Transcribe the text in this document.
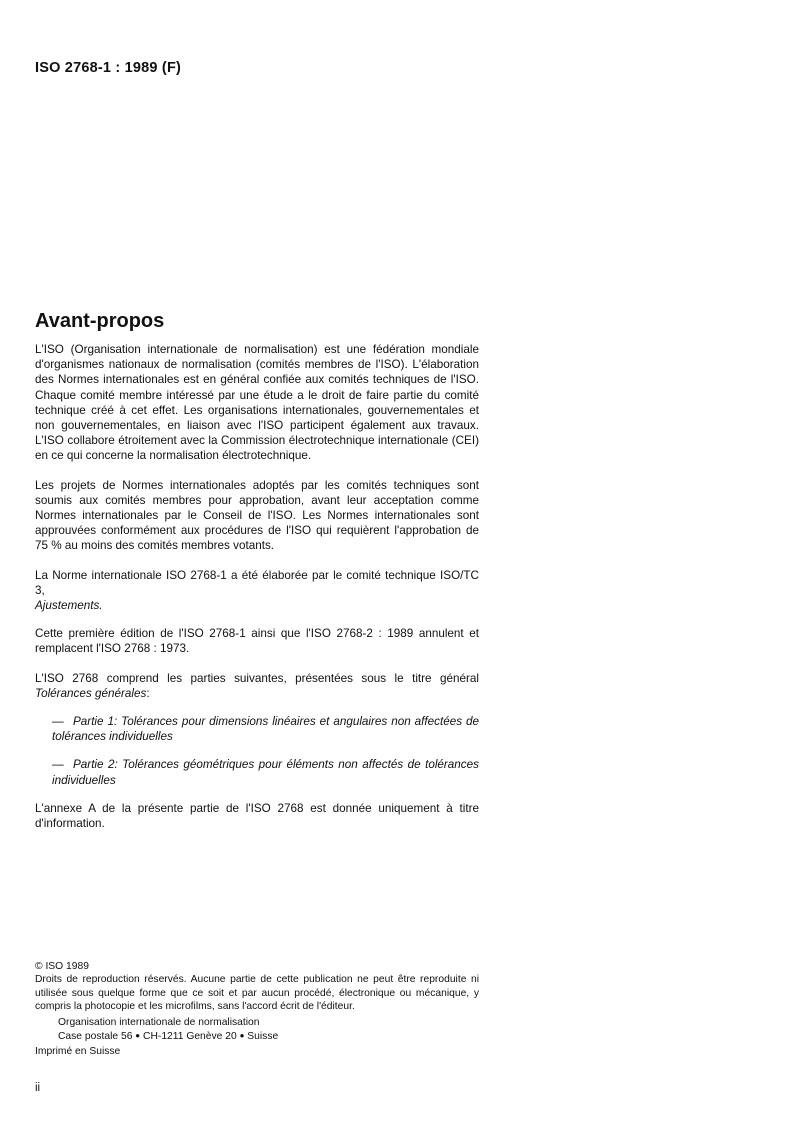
ISO 2768-1 : 1989 (F)
Avant-propos

L'ISO (Organisation internationale de normalisation) est une fédération mondiale d'organismes nationaux de normalisation (comités membres de l'ISO). L'élaboration des Normes internationales est en général confiée aux comités techniques de l'ISO. Chaque comité membre intéressé par une étude a le droit de faire partie du comité technique créé à cet effet. Les organisations internationales, gouvernementales et non gouvernementales, en liaison avec l'ISO participent également aux travaux. L'ISO collabore étroitement avec la Commission électrotechnique internationale (CEI) en ce qui concerne la normalisation électrotechnique.

Les projets de Normes internationales adoptés par les comités techniques sont soumis aux comités membres pour approbation, avant leur acceptation comme Normes internationales par le Conseil de l'ISO. Les Normes internationales sont approuvées conformément aux procédures de l'ISO qui requièrent l'approbation de 75 % au moins des comités membres votants.

La Norme internationale ISO 2768-1 a été élaborée par le comité technique ISO/TC 3,
Ajustements.

Cette première édition de l'ISO 2768-1 ainsi que l'ISO 2768-2 : 1989 annulent et remplacent l'ISO 2768 : 1973.

L'ISO 2768 comprend les parties suivantes, présentées sous le titre général Tolérances générales:

— Partie 1: Tolérances pour dimensions linéaires et angulaires non affectées de tolérances individuelles
— Partie 2: Tolérances géométriques pour éléments non affectés de tolérances individuelles

L'annexe A de la présente partie de l'ISO 2768 est donnée uniquement à titre d'information.

© ISO 1989

Droits de reproduction réservés. Aucune partie de cette publication ne peut être reproduite ni utilisée sous quelque forme que ce soit et par aucun procédé, électronique ou mécanique, y compris la photocopie et les microfilms, sans l'accord écrit de l'éditeur.

Organisation internationale de normalisation

Case postale 56 ● CH-1211 Genève 20 ● Suisse

Imprimé en Suisse

ii
